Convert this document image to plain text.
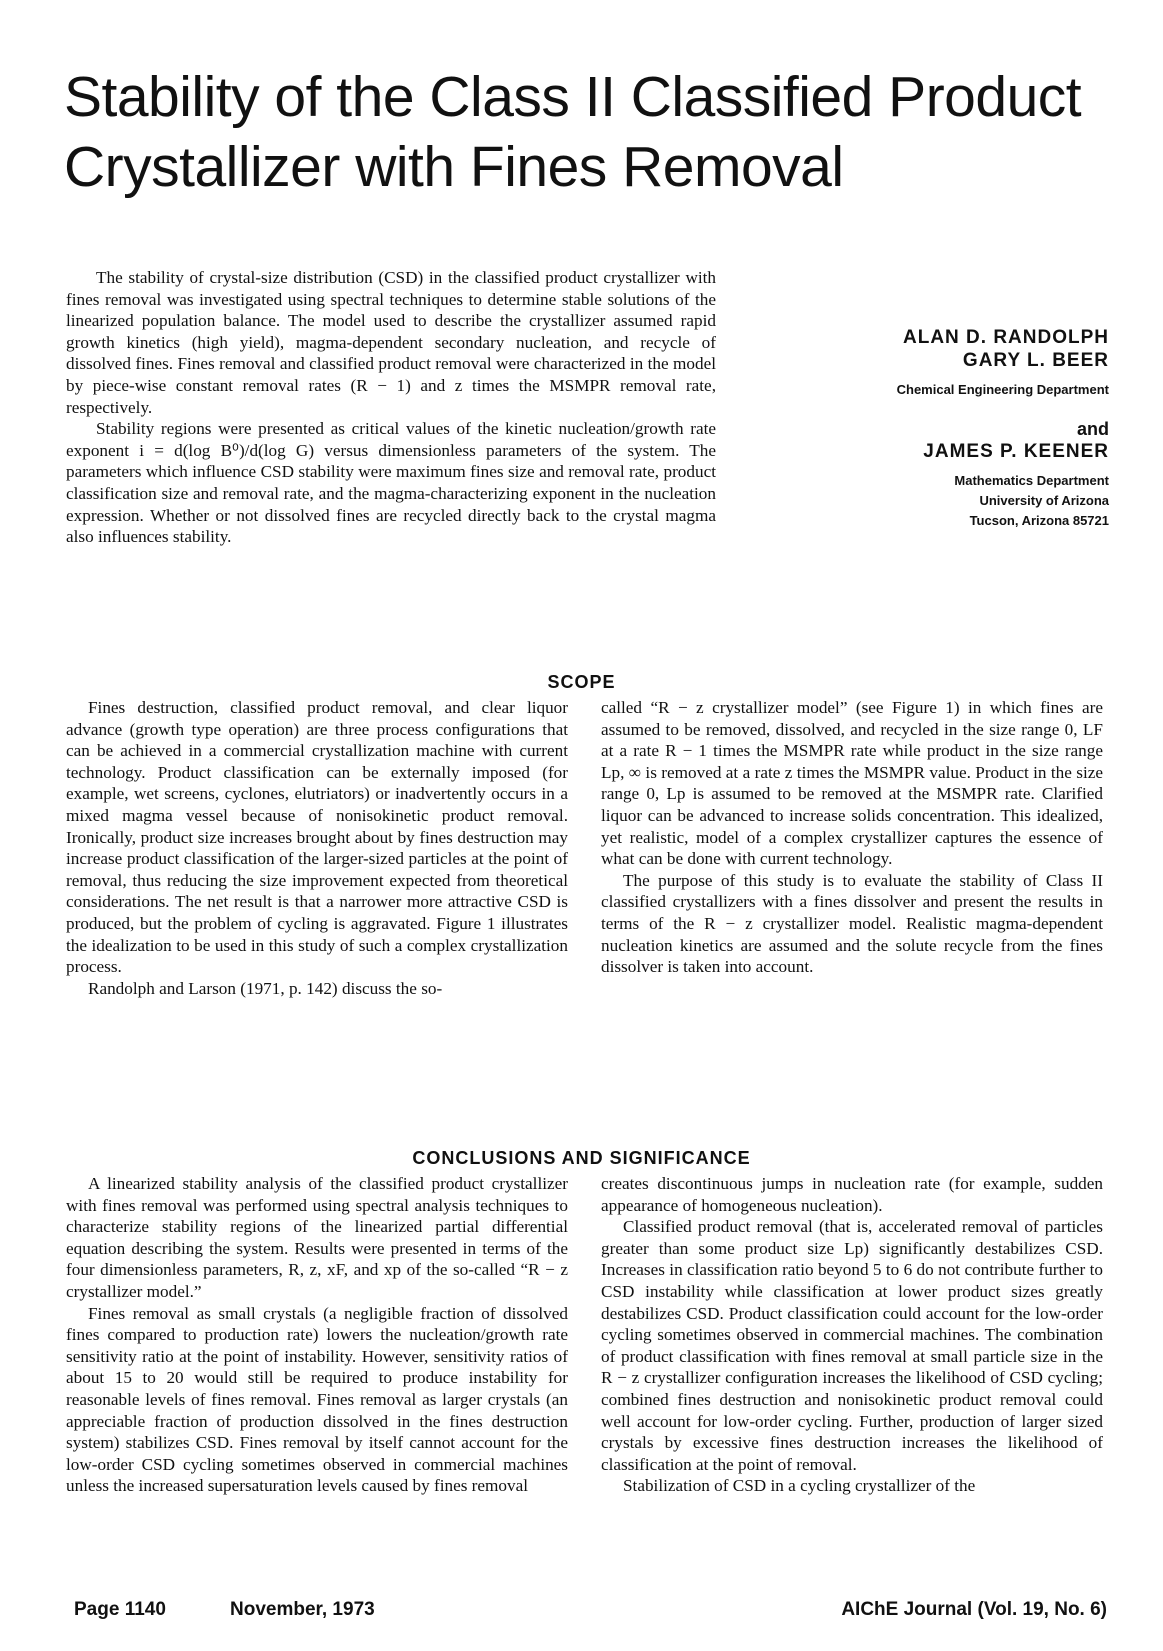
Stability of the Class II Classified Product
Crystallizer with Fines Removal

The stability of crystal-size distribution (CSD) in the classified product crystallizer with fines removal was investigated using spectral techniques to determine stable solutions of the linearized population balance. The model used to describe the crystallizer assumed rapid growth kinetics (high yield), magma-dependent secondary nucleation, and recycle of dissolved fines. Fines removal and classified product removal were characterized in the model by piece-wise constant removal rates (R − 1) and z times the MSMPR removal rate, respectively.

Stability regions were presented as critical values of the kinetic nucleation/growth rate exponent i = d(log B⁰)/d(log G) versus dimensionless parameters of the system. The parameters which influence CSD stability were maximum fines size and removal rate, product classification size and removal rate, and the magma-characterizing exponent in the nucleation expression. Whether or not dissolved fines are recycled directly back to the crystal magma also influences stability.

ALAN D. RANDOLPH
GARY L. BEER
Chemical Engineering Department
and
JAMES P. KEENER
Mathematics Department
University of Arizona
Tucson, Arizona 85721
SCOPE

Fines destruction, classified product removal, and clear liquor advance (growth type operation) are three process configurations that can be achieved in a commercial crystallization machine with current technology. Product classification can be externally imposed (for example, wet screens, cyclones, elutriators) or inadvertently occurs in a mixed magma vessel because of nonisokinetic product removal. Ironically, product size increases brought about by fines destruction may increase product classification of the larger-sized particles at the point of removal, thus reducing the size improvement expected from theoretical considerations. The net result is that a narrower more attractive CSD is produced, but the problem of cycling is aggravated. Figure 1 illustrates the idealization to be used in this study of such a complex crystallization process.

Randolph and Larson (1971, p. 142) discuss the so-

called “R − z crystallizer model” (see Figure 1) in which fines are assumed to be removed, dissolved, and recycled in the size range 0, LF at a rate R − 1 times the MSMPR rate while product in the size range Lp, ∞ is removed at a rate z times the MSMPR value. Product in the size range 0, Lp is assumed to be removed at the MSMPR rate. Clarified liquor can be advanced to increase solids concentration. This idealized, yet realistic, model of a complex crystallizer captures the essence of what can be done with current technology.

The purpose of this study is to evaluate the stability of Class II classified crystallizers with a fines dissolver and present the results in terms of the R − z crystallizer model. Realistic magma-dependent nucleation kinetics are assumed and the solute recycle from the fines dissolver is taken into account.

CONCLUSIONS AND SIGNIFICANCE

A linearized stability analysis of the classified product crystallizer with fines removal was performed using spectral analysis techniques to characterize stability regions of the linearized partial differential equation describing the system. Results were presented in terms of the four dimensionless parameters, R, z, xF, and xp of the so-called “R − z crystallizer model.”

Fines removal as small crystals (a negligible fraction of dissolved fines compared to production rate) lowers the nucleation/growth rate sensitivity ratio at the point of instability. However, sensitivity ratios of about 15 to 20 would still be required to produce instability for reasonable levels of fines removal. Fines removal as larger crystals (an appreciable fraction of production dissolved in the fines destruction system) stabilizes CSD. Fines removal by itself cannot account for the low-order CSD cycling sometimes observed in commercial machines unless the increased supersaturation levels caused by fines removal

creates discontinuous jumps in nucleation rate (for example, sudden appearance of homogeneous nucleation).

Classified product removal (that is, accelerated removal of particles greater than some product size Lp) significantly destabilizes CSD. Increases in classification ratio beyond 5 to 6 do not contribute further to CSD instability while classification at lower product sizes greatly destabilizes CSD. Product classification could account for the low-order cycling sometimes observed in commercial machines. The combination of product classification with fines removal at small particle size in the R − z crystallizer configuration increases the likelihood of CSD cycling; combined fines destruction and nonisokinetic product removal could well account for low-order cycling. Further, production of larger sized crystals by excessive fines destruction increases the likelihood of classification at the point of removal.

Stabilization of CSD in a cycling crystallizer of the

Page 1140	November, 1973	AIChE Journal (Vol. 19, No. 6)
